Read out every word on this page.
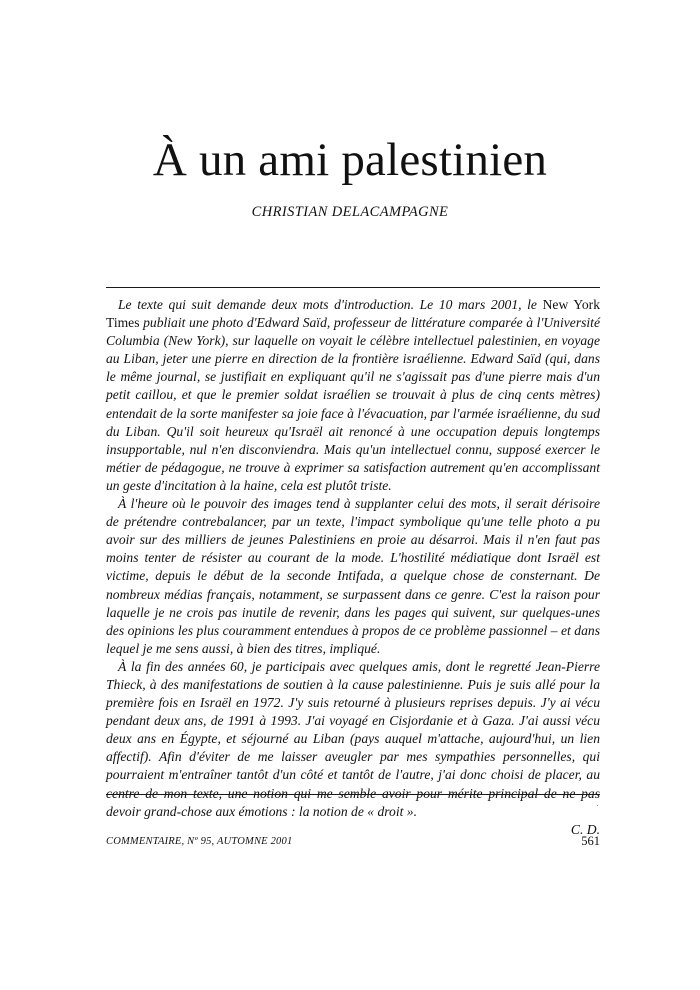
À un ami palestinien

CHRISTIAN DELACAMPAGNE

Le texte qui suit demande deux mots d'introduction. Le 10 mars 2001, le New York Times publiait une photo d'Edward Saïd, professeur de littérature comparée à l'Université Columbia (New York), sur laquelle on voyait le célèbre intellectuel palestinien, en voyage au Liban, jeter une pierre en direction de la frontière israélienne. Edward Saïd (qui, dans le même journal, se justifiait en expliquant qu'il ne s'agissait pas d'une pierre mais d'un petit caillou, et que le premier soldat israélien se trouvait à plus de cinq cents mètres) entendait de la sorte manifester sa joie face à l'évacuation, par l'armée israélienne, du sud du Liban. Qu'il soit heureux qu'Israël ait renoncé à une occupation depuis longtemps insupportable, nul n'en disconviendra. Mais qu'un intellectuel connu, supposé exercer le métier de pédagogue, ne trouve à exprimer sa satisfaction autrement qu'en accomplissant un geste d'incitation à la haine, cela est plutôt triste.

À l'heure où le pouvoir des images tend à supplanter celui des mots, il serait dérisoire de prétendre contrebalancer, par un texte, l'impact symbolique qu'une telle photo a pu avoir sur des milliers de jeunes Palestiniens en proie au désarroi. Mais il n'en faut pas moins tenter de résister au courant de la mode. L'hostilité médiatique dont Israël est victime, depuis le début de la seconde Intifada, a quelque chose de consternant. De nombreux médias français, notamment, se surpassent dans ce genre. C'est la raison pour laquelle je ne crois pas inutile de revenir, dans les pages qui suivent, sur quelques-unes des opinions les plus couramment entendues à propos de ce problème passionnel – et dans lequel je me sens aussi, à bien des titres, impliqué.

À la fin des années 60, je participais avec quelques amis, dont le regretté Jean-Pierre Thieck, à des manifestations de soutien à la cause palestinienne. Puis je suis allé pour la première fois en Israël en 1972. J'y suis retourné à plusieurs reprises depuis. J'y ai vécu pendant deux ans, de 1991 à 1993. J'ai voyagé en Cisjordanie et à Gaza. J'ai aussi vécu deux ans en Égypte, et séjourné au Liban (pays auquel m'attache, aujourd'hui, un lien affectif). Afin d'éviter de me laisser aveugler par mes sympathies personnelles, qui pourraient m'entraîner tantôt d'un côté et tantôt de l'autre, j'ai donc choisi de placer, au centre de mon texte, une notion qui me semble avoir pour mérite principal de ne pas devoir grand-chose aux émotions : la notion de « droit ».

C. D.

COMMENTAIRE, Nº 95, AUTOMNE 2001	561
